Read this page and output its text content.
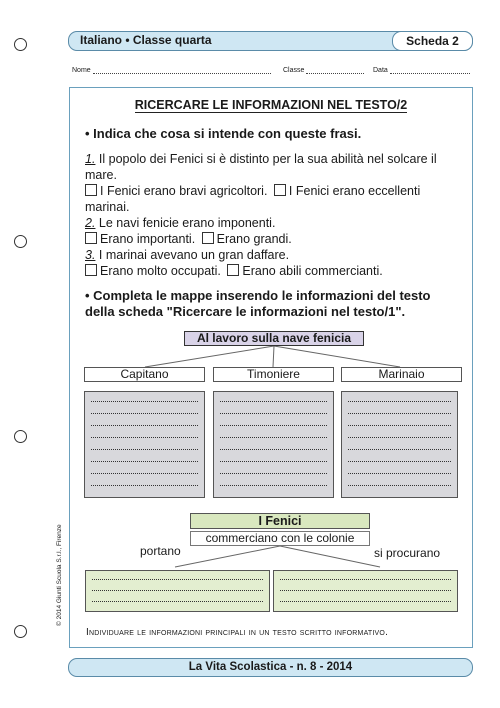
Italiano • Classe quarta	Scheda 2
Nome	Classe	Data
RICERCARE LE INFORMAZIONI NEL TESTO/2
• Indica che cosa si intende con queste frasi.
1. Il popolo dei Fenici si è distinto per la sua abilità nel solcare il mare.
I Fenici erano bravi agricoltori. I Fenici erano eccellenti marinai.
2. Le navi fenicie erano imponenti.
Erano importanti. Erano grandi.
3. I marinai avevano un gran daffare.
Erano molto occupati. Erano abili commercianti.
• Completa le mappe inserendo le informazioni del testo
della scheda "Ricercare le informazioni nel testo/1".
Al lavoro sulla nave fenicia
Capitano	Timoniere	Marinaio
I Fenici
commerciano con le colonie
portano	si procurano
Individuare le informazioni principali in un testo scritto informativo.
© 2014 Giunti Scuola S.r.l., Firenze
La Vita Scolastica - n. 8 - 2014
